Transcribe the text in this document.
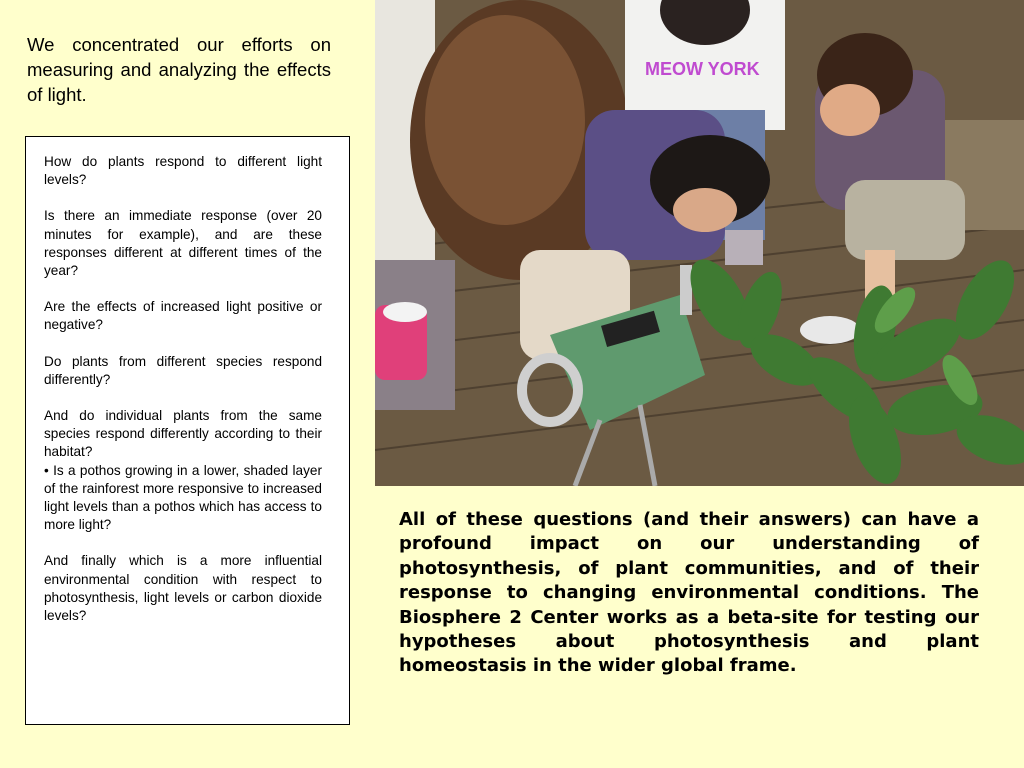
We concentrated our efforts on measuring and analyzing the effects of light.

How do plants respond to different light levels?

Is there an immediate response (over 20 minutes for example), and are these responses different at different times of the year?

Are the effects of increased light positive or negative?

Do plants from different species respond differently?

And do individual plants from the same species respond differently according to their habitat?

• Is a pothos growing in a lower, shaded layer of the rainforest more responsive to increased light levels than a pothos which has access to more light?

And finally which is a more influential environmental condition with respect to photosynthesis, light levels or carbon dioxide levels?

MEOW YORK

All of these questions (and their answers) can have a profound impact on our understanding of photosynthesis, of plant communities, and of their response to changing environmental conditions. The Biosphere 2 Center works as a beta-site for testing our hypotheses about photosynthesis and plant homeostasis in the wider global frame.
